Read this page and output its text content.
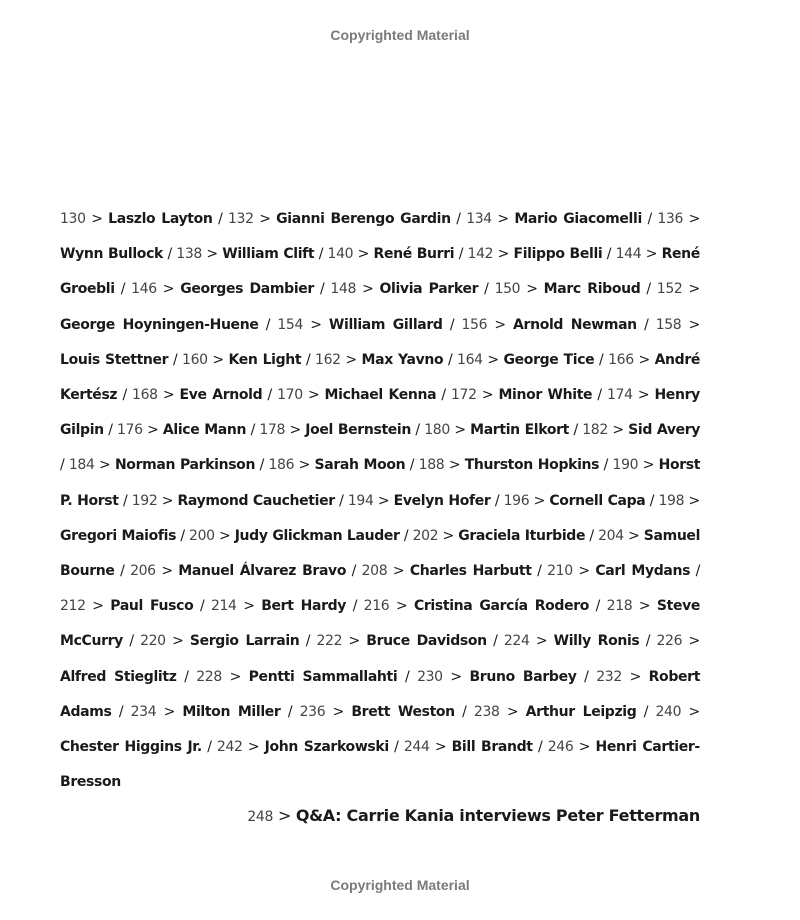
Copyrighted Material

130 > Laszlo Layton / 132 > Gianni Berengo Gardin / 134 > Mario Giacomelli / 136 > Wynn Bullock / 138 > William Clift / 140 > René Burri / 142 > Filippo Belli / 144 > René Groebli / 146 > Georges Dambier / 148 > Olivia Parker / 150 > Marc Riboud / 152 > George Hoyningen-Huene / 154 > William Gillard / 156 > Arnold Newman / 158 > Louis Stettner / 160 > Ken Light / 162 > Max Yavno / 164 > George Tice / 166 > André Kertész / 168 > Eve Arnold / 170 > Michael Kenna / 172 > Minor White / 174 > Henry Gilpin / 176 > Alice Mann / 178 > Joel Bernstein / 180 > Martin Elkort / 182 > Sid Avery / 184 > Norman Parkinson / 186 > Sarah Moon / 188 > Thurston Hopkins / 190 > Horst P. Horst / 192 > Raymond Cauchetier / 194 > Evelyn Hofer / 196 > Cornell Capa / 198 > Gregori Maiofis / 200 > Judy Glickman Lauder / 202 > Graciela Iturbide / 204 > Samuel Bourne / 206 > Manuel Álvarez Bravo / 208 > Charles Harbutt / 210 > Carl Mydans / 212 > Paul Fusco / 214 > Bert Hardy / 216 > Cristina García Rodero / 218 > Steve McCurry / 220 > Sergio Larrain / 222 > Bruce Davidson / 224 > Willy Ronis / 226 > Alfred Stieglitz / 228 > Pentti Sammallahti / 230 > Bruno Barbey / 232 > Robert Adams / 234 > Milton Miller / 236 > Brett Weston / 238 > Arthur Leipzig / 240 > Chester Higgins Jr. / 242 > John Szarkowski / 244 > Bill Brandt / 246 > Henri Cartier-Bresson

248 > Q&A: Carrie Kania interviews Peter Fetterman
Copyrighted Material
